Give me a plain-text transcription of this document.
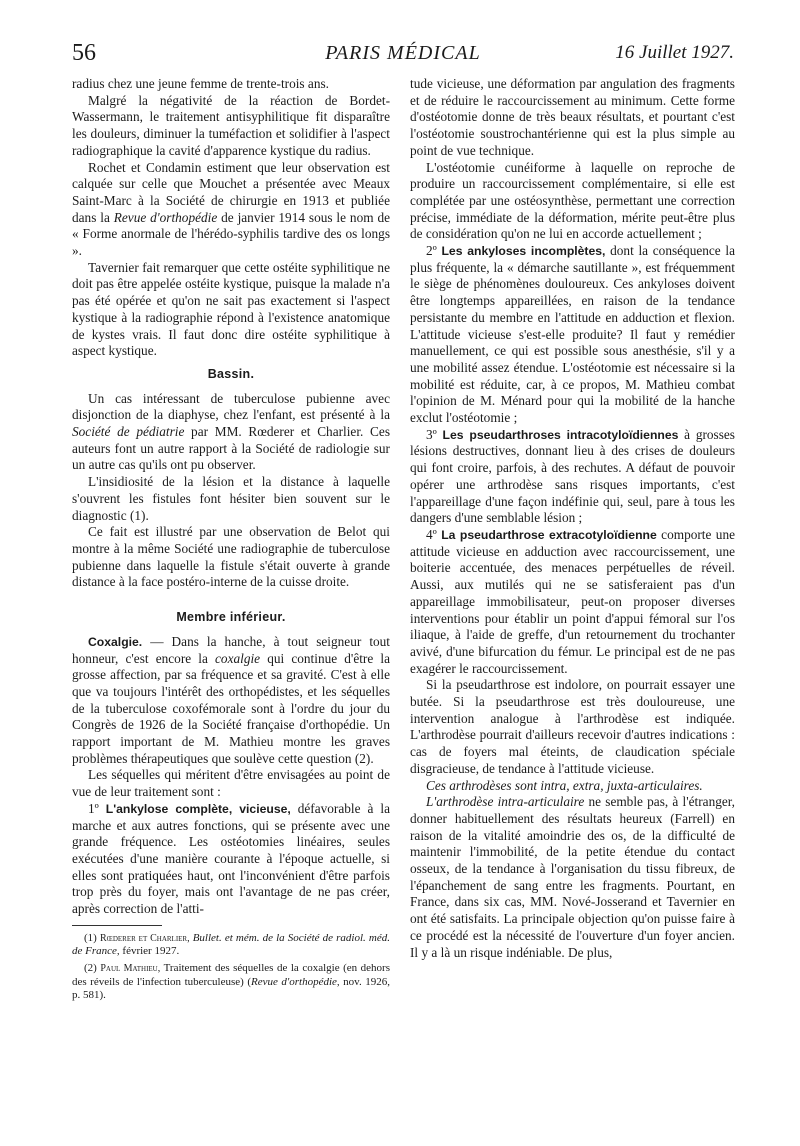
56	PARIS MÉDICAL	16 Juillet 1927.

radius chez une jeune femme de trente-trois ans.

Malgré la négativité de la réaction de Bordet-Wassermann, le traitement antisyphilitique fit disparaître les douleurs, diminuer la tuméfaction et solidifier à l'aspect radiographique la cavité d'apparence kystique du radius.

Rochet et Condamin estiment que leur observation est calquée sur celle que Mouchet a présentée avec Meaux Saint-Marc à la Société de chirurgie en 1913 et publiée dans la Revue d'orthopédie de janvier 1914 sous le nom de « Forme anormale de l'hérédo-syphilis tardive des os longs ».

Tavernier fait remarquer que cette ostéite syphilitique ne doit pas être appelée ostéite kystique, puisque la malade n'a pas été opérée et qu'on ne sait pas exactement si l'aspect kystique à la radiographie répond à l'existence anatomique de kystes vrais. Il faut donc dire ostéite syphilitique à aspect kystique.

Bassin.

Un cas intéressant de tuberculose pubienne avec disjonction de la diaphyse, chez l'enfant, est présenté à la Société de pédiatrie par MM. Rœderer et Charlier. Ces auteurs font un autre rapport à la Société de radiologie sur un autre cas qu'ils ont pu observer.

L'insidiosité de la lésion et la distance à laquelle s'ouvrent les fistules font hésiter bien souvent sur le diagnostic (1).

Ce fait est illustré par une observation de Belot qui montre à la même Société une radiographie de tuberculose pubienne dans laquelle la fistule s'était ouverte à grande distance à la face postéro-interne de la cuisse droite.

Membre inférieur.

Coxalgie. — Dans la hanche, à tout seigneur tout honneur, c'est encore la coxalgie qui continue d'être la grosse affection, par sa fréquence et sa gravité. C'est à elle que va toujours l'intérêt des orthopédistes, et les séquelles de la tuberculose coxofémorale sont à l'ordre du jour du Congrès de 1926 de la Société française d'orthopédie. Un rapport important de M. Mathieu montre les graves problèmes thérapeutiques que soulève cette question (2).

Les séquelles qui méritent d'être envisagées au point de vue de leur traitement sont :

1º L'ankylose complète, vicieuse, défavorable à la marche et aux autres fonctions, qui se présente avec une grande fréquence. Les ostéotomies linéaires, seules exécutées d'une manière courante à l'époque actuelle, si elles sont pratiquées haut, ont l'inconvénient d'être parfois trop près du foyer, mais ont l'avantage de ne pas créer, après correction de l'atti-

(1) Rœderer et Charlier, Bullet. et mém. de la Société de radiol. méd. de France, février 1927.

(2) Paul Mathieu, Traitement des séquelles de la coxalgie (en dehors des réveils de l'infection tuberculeuse) (Revue d'orthopédie, nov. 1926, p. 581).

tude vicieuse, une déformation par angulation des fragments et de réduire le raccourcissement au minimum. Cette forme d'ostéotomie donne de très beaux résultats, et pourtant c'est l'ostéotomie soustrochantérienne qui est la plus simple au point de vue technique.

L'ostéotomie cunéiforme à laquelle on reproche de produire un raccourcissement complémentaire, si elle est complétée par une ostéosynthèse, permettant une correction précise, immédiate de la déformation, mérite peut-être plus de considération qu'on ne lui en accorde actuellement ;

2º Les ankyloses incomplètes, dont la conséquence la plus fréquente, la « démarche sautillante », est fréquemment le siège de phénomènes douloureux. Ces ankyloses doivent être longtemps appareillées, en raison de la tendance persistante du membre en l'attitude en adduction et flexion. L'attitude vicieuse s'est-elle produite? Il faut y remédier manuellement, ce qui est possible sous anesthésie, s'il y a une mobilité assez étendue. L'ostéotomie est nécessaire si la mobilité est réduite, car, à ce propos, M. Mathieu combat l'opinion de M. Ménard pour qui la mobilité de la hanche exclut l'ostéotomie ;

3º Les pseudarthroses intracotyloïdiennes à grosses lésions destructives, donnant lieu à des crises de douleurs qui font croire, parfois, à des rechutes. A défaut de pouvoir opérer une arthrodèse sans risques importants, c'est l'appareillage d'une façon indéfinie qui, seul, pare à tous les dangers d'une semblable lésion ;

4º La pseudarthrose extracotyloïdienne comporte une attitude vicieuse en adduction avec raccourcissement, une boiterie accentuée, des menaces perpétuelles de réveil. Aussi, aux mutilés qui ne se satisferaient pas d'un appareillage immobilisateur, peut-on proposer diverses interventions pour établir un point d'appui fémoral sur l'os iliaque, à l'aide de greffe, d'un retournement du trochanter avivé, d'une bifurcation du fémur. Le principal est de ne pas exagérer le raccourcissement.

Si la pseudarthrose est indolore, on pourrait essayer une butée. Si la pseudarthrose est très douloureuse, une intervention analogue à l'arthrodèse est indiquée. L'arthrodèse pourrait d'ailleurs recevoir d'autres indications : cas de foyers mal éteints, de claudication spéciale disgracieuse, de tendance à l'attitude vicieuse.

Ces arthrodèses sont intra, extra, juxta-articulaires.

L'arthrodèse intra-articulaire ne semble pas, à l'étranger, donner habituellement des résultats heureux (Farrell) en raison de la vitalité amoindrie des os, de la difficulté de maintenir l'immobilité, de la petite étendue du contact osseux, de la tendance à l'organisation du tissu fibreux, de l'épanchement de sang entre les fragments. Pourtant, en France, dans six cas, MM. Nové-Josserand et Tavernier en ont été satisfaits. La principale objection qu'on puisse faire à ce procédé est la nécessité de l'ouverture d'un foyer ancien. Il y a là un risque indéniable. De plus,
